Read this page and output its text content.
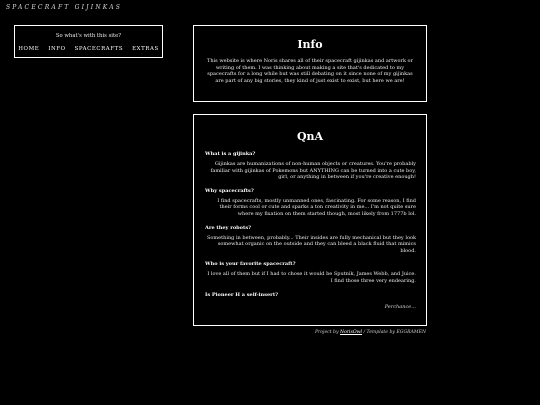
SPACECRAFT GIJINKAS
So what's with this site?
HOME INFO SPACECRAFTS EXTRAS	Info
This website is where Noris shares all of their spacecraft gijinkas and artwork or writing of them. I was thinking about making a site that's dedicated to my spacecrafts for a long while but was still debating on it since none of my gijinkas are part of any big stories, they kind of just exist to exist, but here we are!
QnA
What is a gijinka?
Gijinkas are humanizations of non-human objects or creatures. You're probably familiar with gijinkas of Pokemons but ANYTHING can be turned into a cute boy, girl, or anything in between if you're creative enough!
Why spacecrafts?
I find spacecrafts, mostly unmanned ones, fascinating. For some reason, I find their forms cool or cute and sparks a ton creativity in me... I'm not quite sure where my fixation on them started though, most likely from 1777b lol.
Are they robots?
Something in between, probably... Their insides are fully mechanical but they look somewhat organic on the outside and they can bleed a black fluid that mimics blood.
Who is your favorite spacecraft?
I love all of them but if I had to chose it would be Sputnik, James Webb, and Juice. I find those three very endearing.
Is Pioneer H a self-insert?
Perchance...
Project by NorisOwl / Template by EGGRAMEN
